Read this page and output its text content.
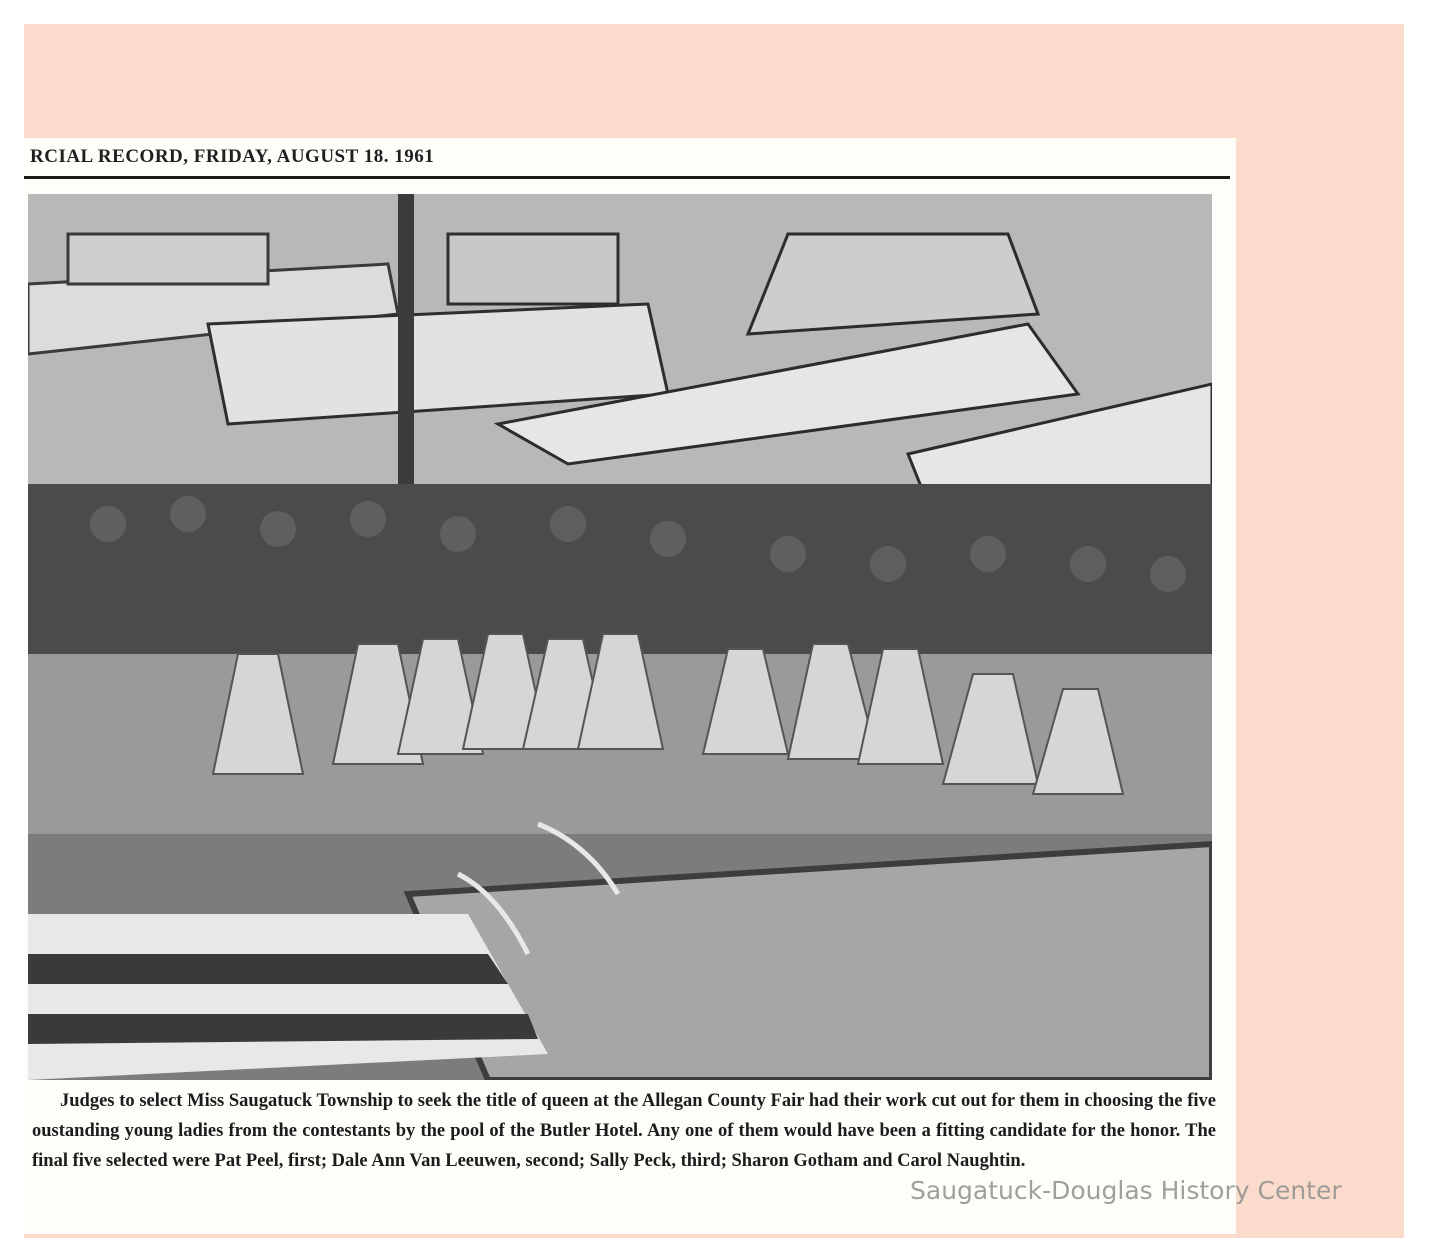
RCIAL RECORD, FRIDAY, AUGUST 18. 1961
Judges to select Miss Saugatuck Township to seek the title of queen at the Allegan County Fair had their work cut out for them in choosing the five oustanding young ladies from the contestants by the pool of the Butler Hotel. Any one of them would have been a fitting candidate for the honor. The final five selected were Pat Peel, first; Dale Ann Van Leeuwen, second; Sally Peck, third; Sharon Gotham and Carol Naughtin.
Saugatuck-Douglas History Center
